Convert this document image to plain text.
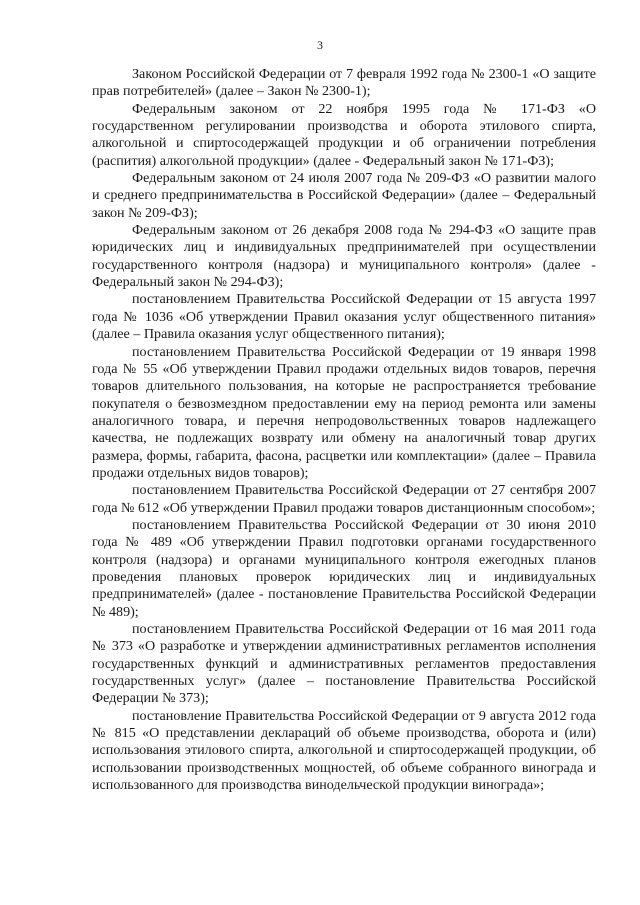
3

Законом Российской Федерации от 7 февраля 1992 года № 2300-1 «О защите прав потребителей» (далее – Закон № 2300-1);

Федеральным законом от 22 ноября 1995 года № 171-ФЗ «О государственном регулировании производства и оборота этилового спирта, алкогольной и спиртосодержащей продукции и об ограничении потребления (распития) алкогольной продукции» (далее - Федеральный закон № 171-ФЗ);

Федеральным законом от 24 июля 2007 года № 209-ФЗ «О развитии малого и среднего предпринимательства в Российской Федерации» (далее – Федеральный закон № 209-ФЗ);

Федеральным законом от 26 декабря 2008 года № 294-ФЗ «О защите прав юридических лиц и индивидуальных предпринимателей при осуществлении государственного контроля (надзора) и муниципального контроля» (далее - Федеральный закон № 294-ФЗ);

постановлением Правительства Российской Федерации от 15 августа 1997 года № 1036 «Об утверждении Правил оказания услуг общественного питания» (далее – Правила оказания услуг общественного питания);

постановлением Правительства Российской Федерации от 19 января 1998 года № 55 «Об утверждении Правил продажи отдельных видов товаров, перечня товаров длительного пользования, на которые не распространяется требование покупателя о безвозмездном предоставлении ему на период ремонта или замены аналогичного товара, и перечня непродовольственных товаров надлежащего качества, не подлежащих возврату или обмену на аналогичный товар других размера, формы, габарита, фасона, расцветки или комплектации» (далее – Правила продажи отдельных видов товаров);

постановлением Правительства Российской Федерации от 27 сентября 2007 года № 612 «Об утверждении Правил продажи товаров дистанционным способом»;

постановлением Правительства Российской Федерации от 30 июня 2010 года № 489 «Об утверждении Правил подготовки органами государственного контроля (надзора) и органами муниципального контроля ежегодных планов проведения плановых проверок юридических лиц и индивидуальных предпринимателей» (далее - постановление Правительства Российской Федерации № 489);

постановлением Правительства Российской Федерации от 16 мая 2011 года № 373 «О разработке и утверждении административных регламентов исполнения государственных функций и административных регламентов предоставления государственных услуг» (далее – постановление Правительства Российской Федерации № 373);

постановление Правительства Российской Федерации от 9 августа 2012 года № 815 «О представлении деклараций об объеме производства, оборота и (или) использования этилового спирта, алкогольной и спиртосодержащей продукции, об использовании производственных мощностей, об объеме собранного винограда и использованного для производства винодельческой продукции винограда»;
